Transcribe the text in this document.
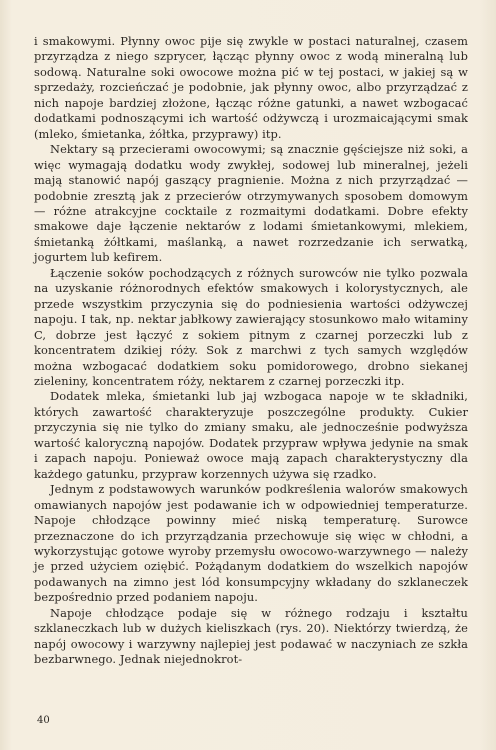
i smakowymi. Płynny owoc pije się zwykle w postaci naturalnej, czasem przyrządza z niego szpryсer, łącząc płynny owoc z wodą mineralną lub sodową. Naturalne soki owocowe można pić w tej postaci, w jakiej są w sprzedaży, rozcieńczać je podobnie, jak płynny owoc, albo przyrządzać z nich napoje bardziej złożone, łącząc różne gatunki, a nawet wzbogacać dodatkami podnoszącymi ich wartość odżywczą i urozmaicającymi smak (mleko, śmietanka, żółtka, przyprawy) itp.

Nektary są przecierami owocowymi; są znacznie gęściejsze niż soki, a więc wymagają dodatku wody zwykłej, sodowej lub mineralnej, jeżeli mają stanowić napój gaszący pragnienie. Można z nich przyrządzać — podobnie zresztą jak z przecierów otrzymywanych sposobem domowym — różne atrakcyjne cocktaile z rozmaitymi dodatkami. Dobre efekty smakowe daje łączenie nektarów z lodami śmietankowymi, mlekiem, śmietanką żółtkami, maślanką, a nawet rozrzedzanie ich serwatką, jogurtem lub kefirem.

Łączenie soków pochodzących z różnych surowców nie tylko pozwala na uzyskanie różnorodnych efektów smakowych i kolorystycznych, ale przede wszystkim przyczynia się do podniesienia wartości odżywczej napoju. I tak, np. nektar jabłkowy zawierający stosunkowo mało witaminy C, dobrze jest łączyć z sokiem pitnym z czarnej porzeczki lub z koncentratem dzikiej róży. Sok z marchwi z tych samych względów można wzbogacać dodatkiem soku pomidorowego, drobno siekanej zieleniny, koncentratem róży, nektarem z czarnej porzeczki itp.

Dodatek mleka, śmietanki lub jaj wzbogaca napoje w te składniki, których zawartość charakteryzuje poszczególne produkty. Cukier przyczynia się nie tylko do zmiany smaku, ale jednocześnie podwyższa wartość kaloryczną napojów. Dodatek przypraw wpływa jedynie na smak i zapach napoju. Ponieważ owoce mają zapach charakterystyczny dla każdego gatunku, przypraw korzennych używa się rzadko.

Jednym z podstawowych warunków podkreślenia walorów smakowych omawianych napojów jest podawanie ich w odpowiedniej temperaturze. Napoje chłodzące powinny mieć niską temperaturę. Surowce przeznaczone do ich przyrządzania przechowuje się więc w chłodni, a wykorzystując gotowe wyroby przemysłu owocowo-warzywnego — należy je przed użyciem oziębić. Pożądanym dodatkiem do wszelkich napojów podawanych na zimno jest lód konsumpcyjny wkładany do szklaneczek bezpośrednio przed podaniem napoju.

Napoje chłodzące podaje się w różnego rodzaju i kształtu szklaneczkach lub w dużych kieliszkach (rys. 20). Niektórzy twierdzą, że napój owocowy i warzywny najlepiej jest podawać w naczyniach ze szkła bezbarwnego. Jednak niejednokrot-

40
